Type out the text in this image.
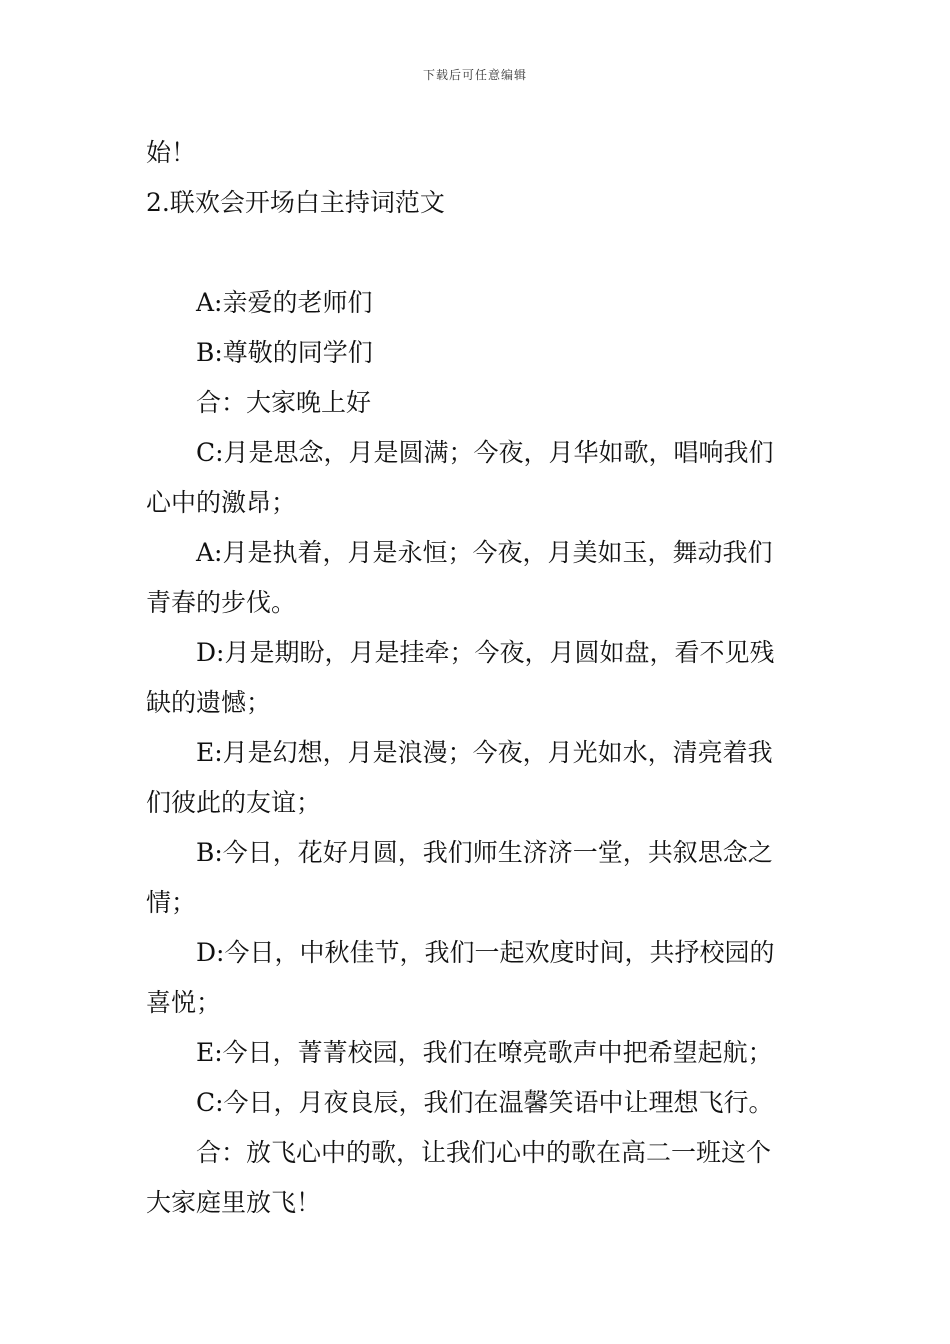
下载后可任意编辑
始！
2.联欢会开场白主持词范文
A:亲爱的老师们
B:尊敬的同学们
合：大家晚上好
C:月是思念，月是圆满；今夜，月华如歌，唱响我们
心中的激昂；
A:月是执着，月是永恒；今夜，月美如玉，舞动我们
青春的步伐。
D:月是期盼，月是挂牵；今夜，月圆如盘，看不见残
缺的遗憾；
E:月是幻想，月是浪漫；今夜，月光如水，清亮着我
们彼此的友谊；
B:今日，花好月圆，我们师生济济一堂，共叙思念之
情；
D:今日，中秋佳节，我们一起欢度时间，共抒校园的
喜悦；
E:今日，菁菁校园，我们在嘹亮歌声中把希望起航；
C:今日，月夜良辰，我们在温馨笑语中让理想飞行。
合：放飞心中的歌，让我们心中的歌在高二一班这个
大家庭里放飞！
